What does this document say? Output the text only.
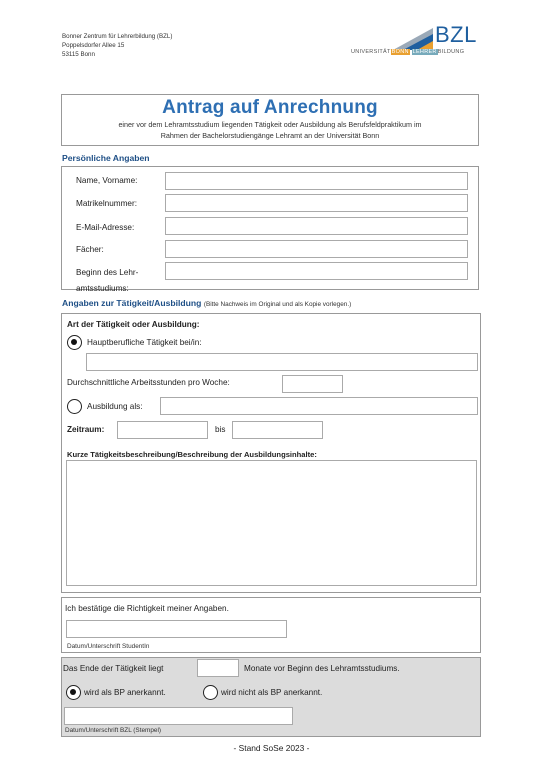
Bonner Zentrum für Lehrerbildung (BZL)
Poppelsdorfer Allee 15
53115 Bonn
BZL
UNIVERSITÄTBONN LEHRERBILDUNG
Antrag auf Anrechnung
einer vor dem Lehramtsstudium liegenden Tätigkeit oder Ausbildung als Berufsfeldpraktikum im
Rahmen der Bachelorstudiengänge Lehramt an der Universität Bonn
Persönliche Angaben
Name, Vorname:
Matrikelnummer:
E-Mail-Adresse:
Fächer:
Beginn des Lehr-
amtsstudiums:
Angaben zur Tätigkeit/Ausbildung (Bitte Nachweis im Original und als Kopie vorlegen.)
Art der Tätigkeit oder Ausbildung:
Hauptberufliche Tätigkeit bei/in:
Durchschnittliche Arbeitsstunden pro Woche:
Ausbildung als:
Zeitraum:	bis
Kurze Tätigkeitsbeschreibung/Beschreibung der Ausbildungsinhalte:
Ich bestätige die Richtigkeit meiner Angaben.
Datum/Unterschrift StudentIn
Das Ende der Tätigkeit liegt	Monate vor Beginn des Lehramtsstudiums.
wird als BP anerkannt.	wird nicht als BP anerkannt.
Datum/Unterschrift BZL (Stempel)
- Stand SoSe 2023 -
